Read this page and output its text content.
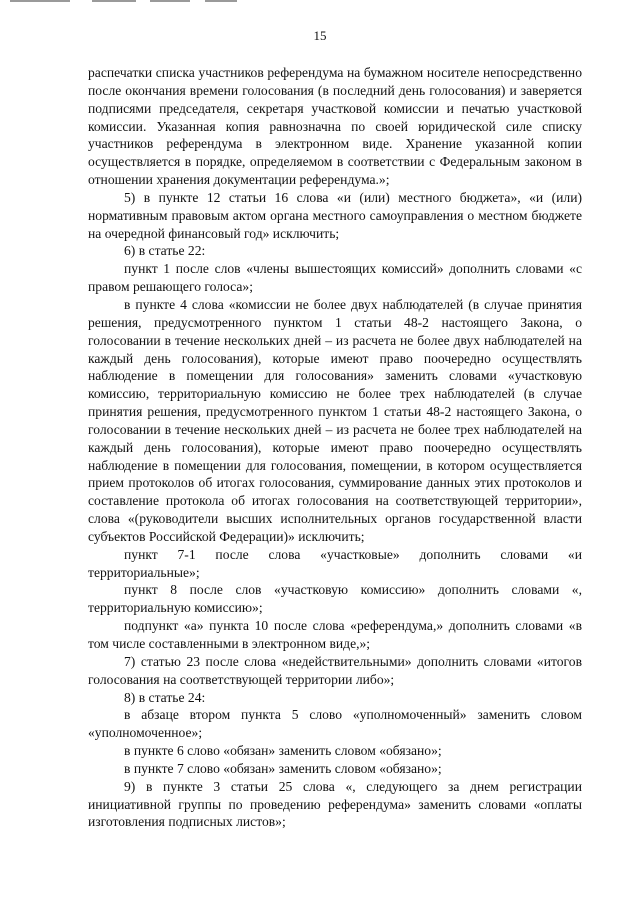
15

распечатки списка участников референдума на бумажном носителе непосредственно после окончания времени голосования (в последний день голосования) и заверяется подписями председателя, секретаря участковой комиссии и печатью участковой комиссии. Указанная копия равнозначна по своей юридической силе списку участников референдума в электронном виде. Хранение указанной копии осуществляется в порядке, определяемом в соответствии с Федеральным законом в отношении хранения документации референдума.»;

5) в пункте 12 статьи 16 слова «и (или) местного бюджета», «и (или) нормативным правовым актом органа местного самоуправления о местном бюджете на очередной финансовый год» исключить;

6) в статье 22:

пункт 1 после слов «члены вышестоящих комиссий» дополнить словами «с правом решающего голоса»;

в пункте 4 слова «комиссии не более двух наблюдателей (в случае принятия решения, предусмотренного пунктом 1 статьи 48-2 настоящего Закона, о голосовании в течение нескольких дней – из расчета не более двух наблюдателей на каждый день голосования), которые имеют право поочередно осуществлять наблюдение в помещении для голосования» заменить словами «участковую комиссию, территориальную комиссию не более трех наблюдателей (в случае принятия решения, предусмотренного пунктом 1 статьи 48-2 настоящего Закона, о голосовании в течение нескольких дней – из расчета не более трех наблюдателей на каждый день голосования), которые имеют право поочередно осуществлять наблюдение в помещении для голосования, помещении, в котором осуществляется прием протоколов об итогах голосования, суммирование данных этих протоколов и составление протокола об итогах голосования на соответствующей территории», слова «(руководители высших исполнительных органов государственной власти субъектов Российской Федерации)» исключить;

пункт 7-1 после слова «участковые» дополнить словами «и территориальные»;

пункт 8 после слов «участковую комиссию» дополнить словами «, территориальную комиссию»;

подпункт «а» пункта 10 после слова «референдума,» дополнить словами «в том числе составленными в электронном виде,»;

7) статью 23 после слова «недействительными» дополнить словами «итогов голосования на соответствующей территории либо»;

8) в статье 24:

в абзаце втором пункта 5 слово «уполномоченный» заменить словом «уполномоченное»;

в пункте 6 слово «обязан» заменить словом «обязано»;

в пункте 7 слово «обязан» заменить словом «обязано»;

9) в пункте 3 статьи 25 слова «, следующего за днем регистрации инициативной группы по проведению референдума» заменить словами «оплаты изготовления подписных листов»;
